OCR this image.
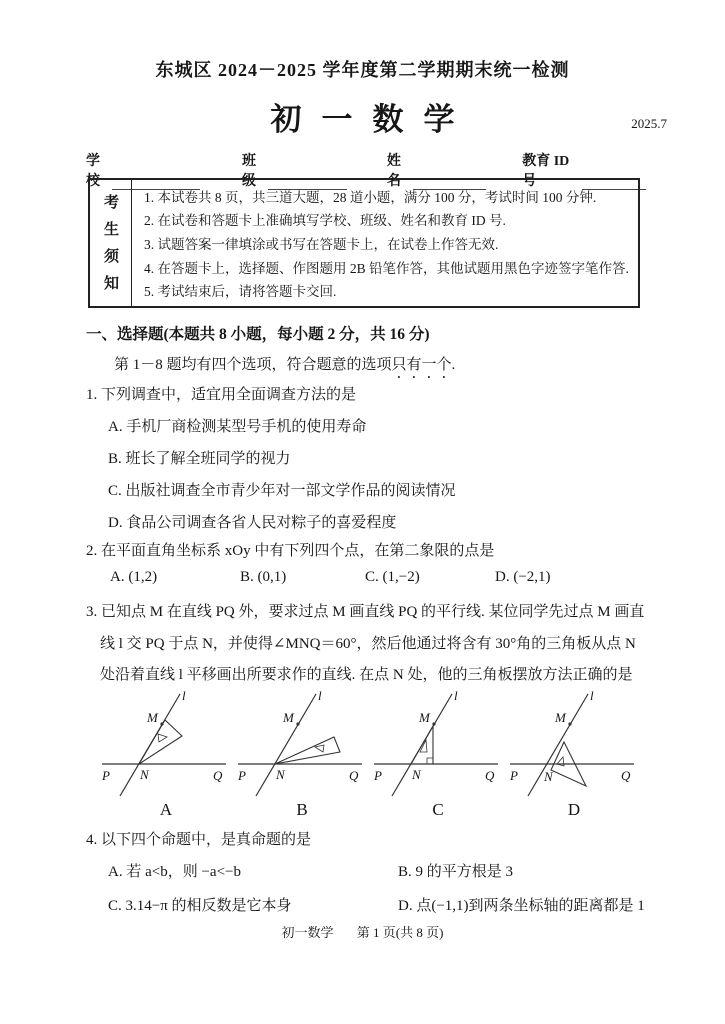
东城区 2024－2025 学年度第二学期期末统一检测
初一数学	2025.7
学校
班级
姓名
教育 ID 号
考生须知	1. 本试卷共 8 页，共三道大题，28 道小题，满分 100 分，考试时间 100 分钟.
2. 在试卷和答题卡上准确填写学校、班级、姓名和教育 ID 号.
3. 试题答案一律填涂或书写在答题卡上，在试卷上作答无效.
4. 在答题卡上，选择题、作图题用 2B 铅笔作答，其他试题用黑色字迹签字笔作答.
5. 考试结束后，请将答题卡交回.
一、选择题(本题共 8 小题，每小题 2 分，共 16 分)
第 1－8 题均有四个选项，符合题意的选项只有一个.
1. 下列调查中，适宜用全面调查方法的是
A. 手机厂商检测某型号手机的使用寿命
B. 班长了解全班同学的视力
C. 出版社调查全市青少年对一部文学作品的阅读情况
D. 食品公司调查各省人民对粽子的喜爱程度
2. 在平面直角坐标系 xOy 中有下列四个点，在第二象限的点是
A. (1,2)	B. (0,1)	C. (1,−2)	D. (−2,1)
3. 已知点 M 在直线 PQ 外，要求过点 M 画直线 PQ 的平行线. 某位同学先过点 M 画直
线 l 交 PQ 于点 N，并使得∠MNQ＝60°，然后他通过将含有 30°角的三角板从点 N
处沿着直线 l 平移画出所要求作的直线. 在点 N 处，他的三角板摆放方法正确的是
l
M
P N	Q
A
l
M
P N	Q
B
l
M
P N	Q
C
l
M
P N	Q
D
4. 以下四个命题中，是真命题的是
A. 若 a<b，则 −a<−b	B. 9 的平方根是 3
C. 3.14−π 的相反数是它本身	D. 点(−1,1)到两条坐标轴的距离都是 1
初一数学 第 1 页(共 8 页)
